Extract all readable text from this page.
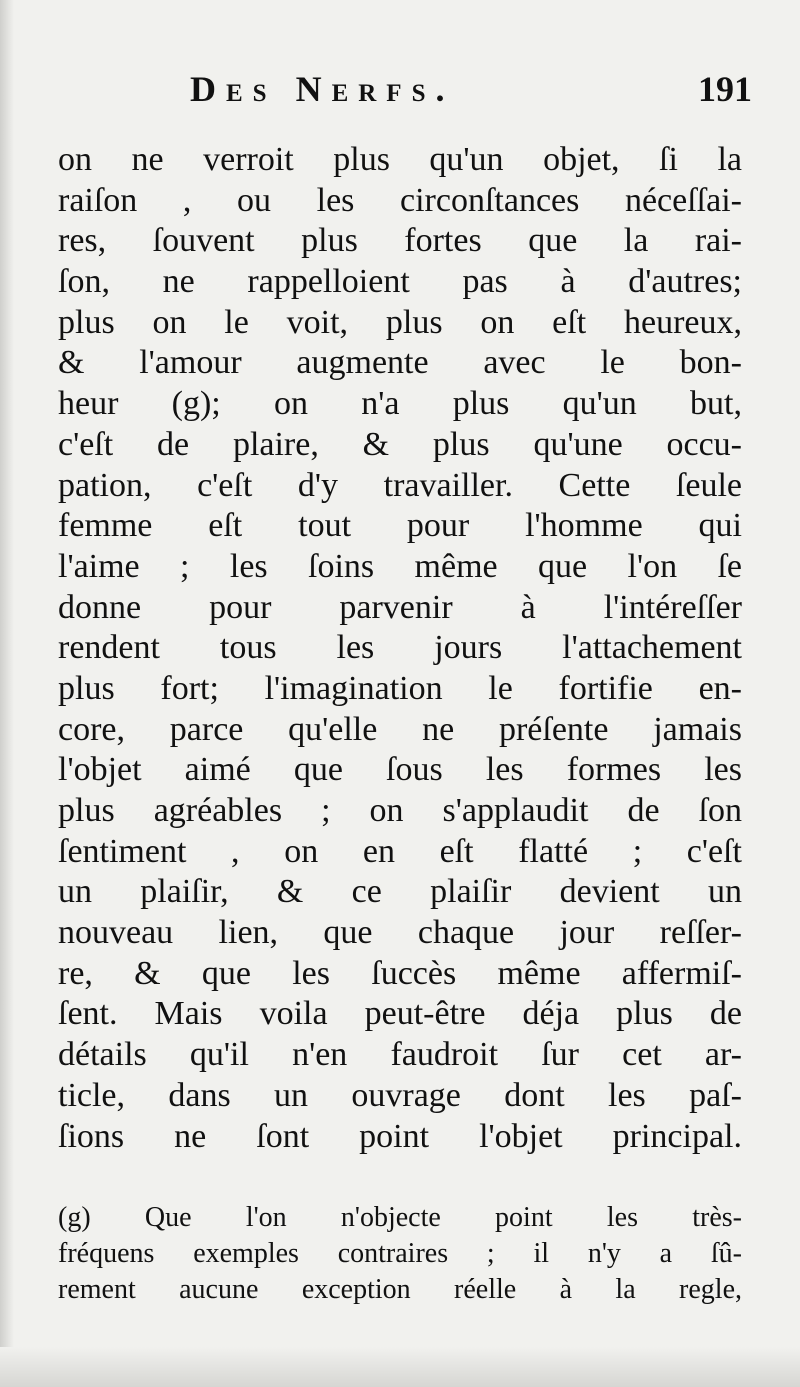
Des Nerfs.	191
on ne verroit plus qu'un objet, ſi la
raiſon , ou les circonſtances néceſſai-
res, ſouvent plus fortes que la rai-
ſon, ne rappelloient pas à d'autres;
plus on le voit, plus on eſt heureux,
& l'amour augmente avec le bon-
heur (g); on n'a plus qu'un but,
c'eſt de plaire, & plus qu'une occu-
pation, c'eſt d'y travailler. Cette ſeule
femme eſt tout pour l'homme qui
l'aime ; les ſoins même que l'on ſe
donne pour parvenir à l'intéreſſer
rendent tous les jours l'attachement
plus fort; l'imagination le fortifie en-
core, parce qu'elle ne préſente jamais
l'objet aimé que ſous les formes les
plus agréables ; on s'applaudit de ſon
ſentiment , on en eſt flatté ; c'eſt
un plaiſir, & ce plaiſir devient un
nouveau lien, que chaque jour reſſer-
re, & que les ſuccès même affermiſ-
ſent. Mais voila peut-être déja plus de
détails qu'il n'en faudroit ſur cet ar-
ticle, dans un ouvrage dont les paſ-
ſions ne ſont point l'objet principal.
(g) Que l'on n'objecte point les très-
fréquens exemples contraires ; il n'y a ſû-
rement aucune exception réelle à la regle,
